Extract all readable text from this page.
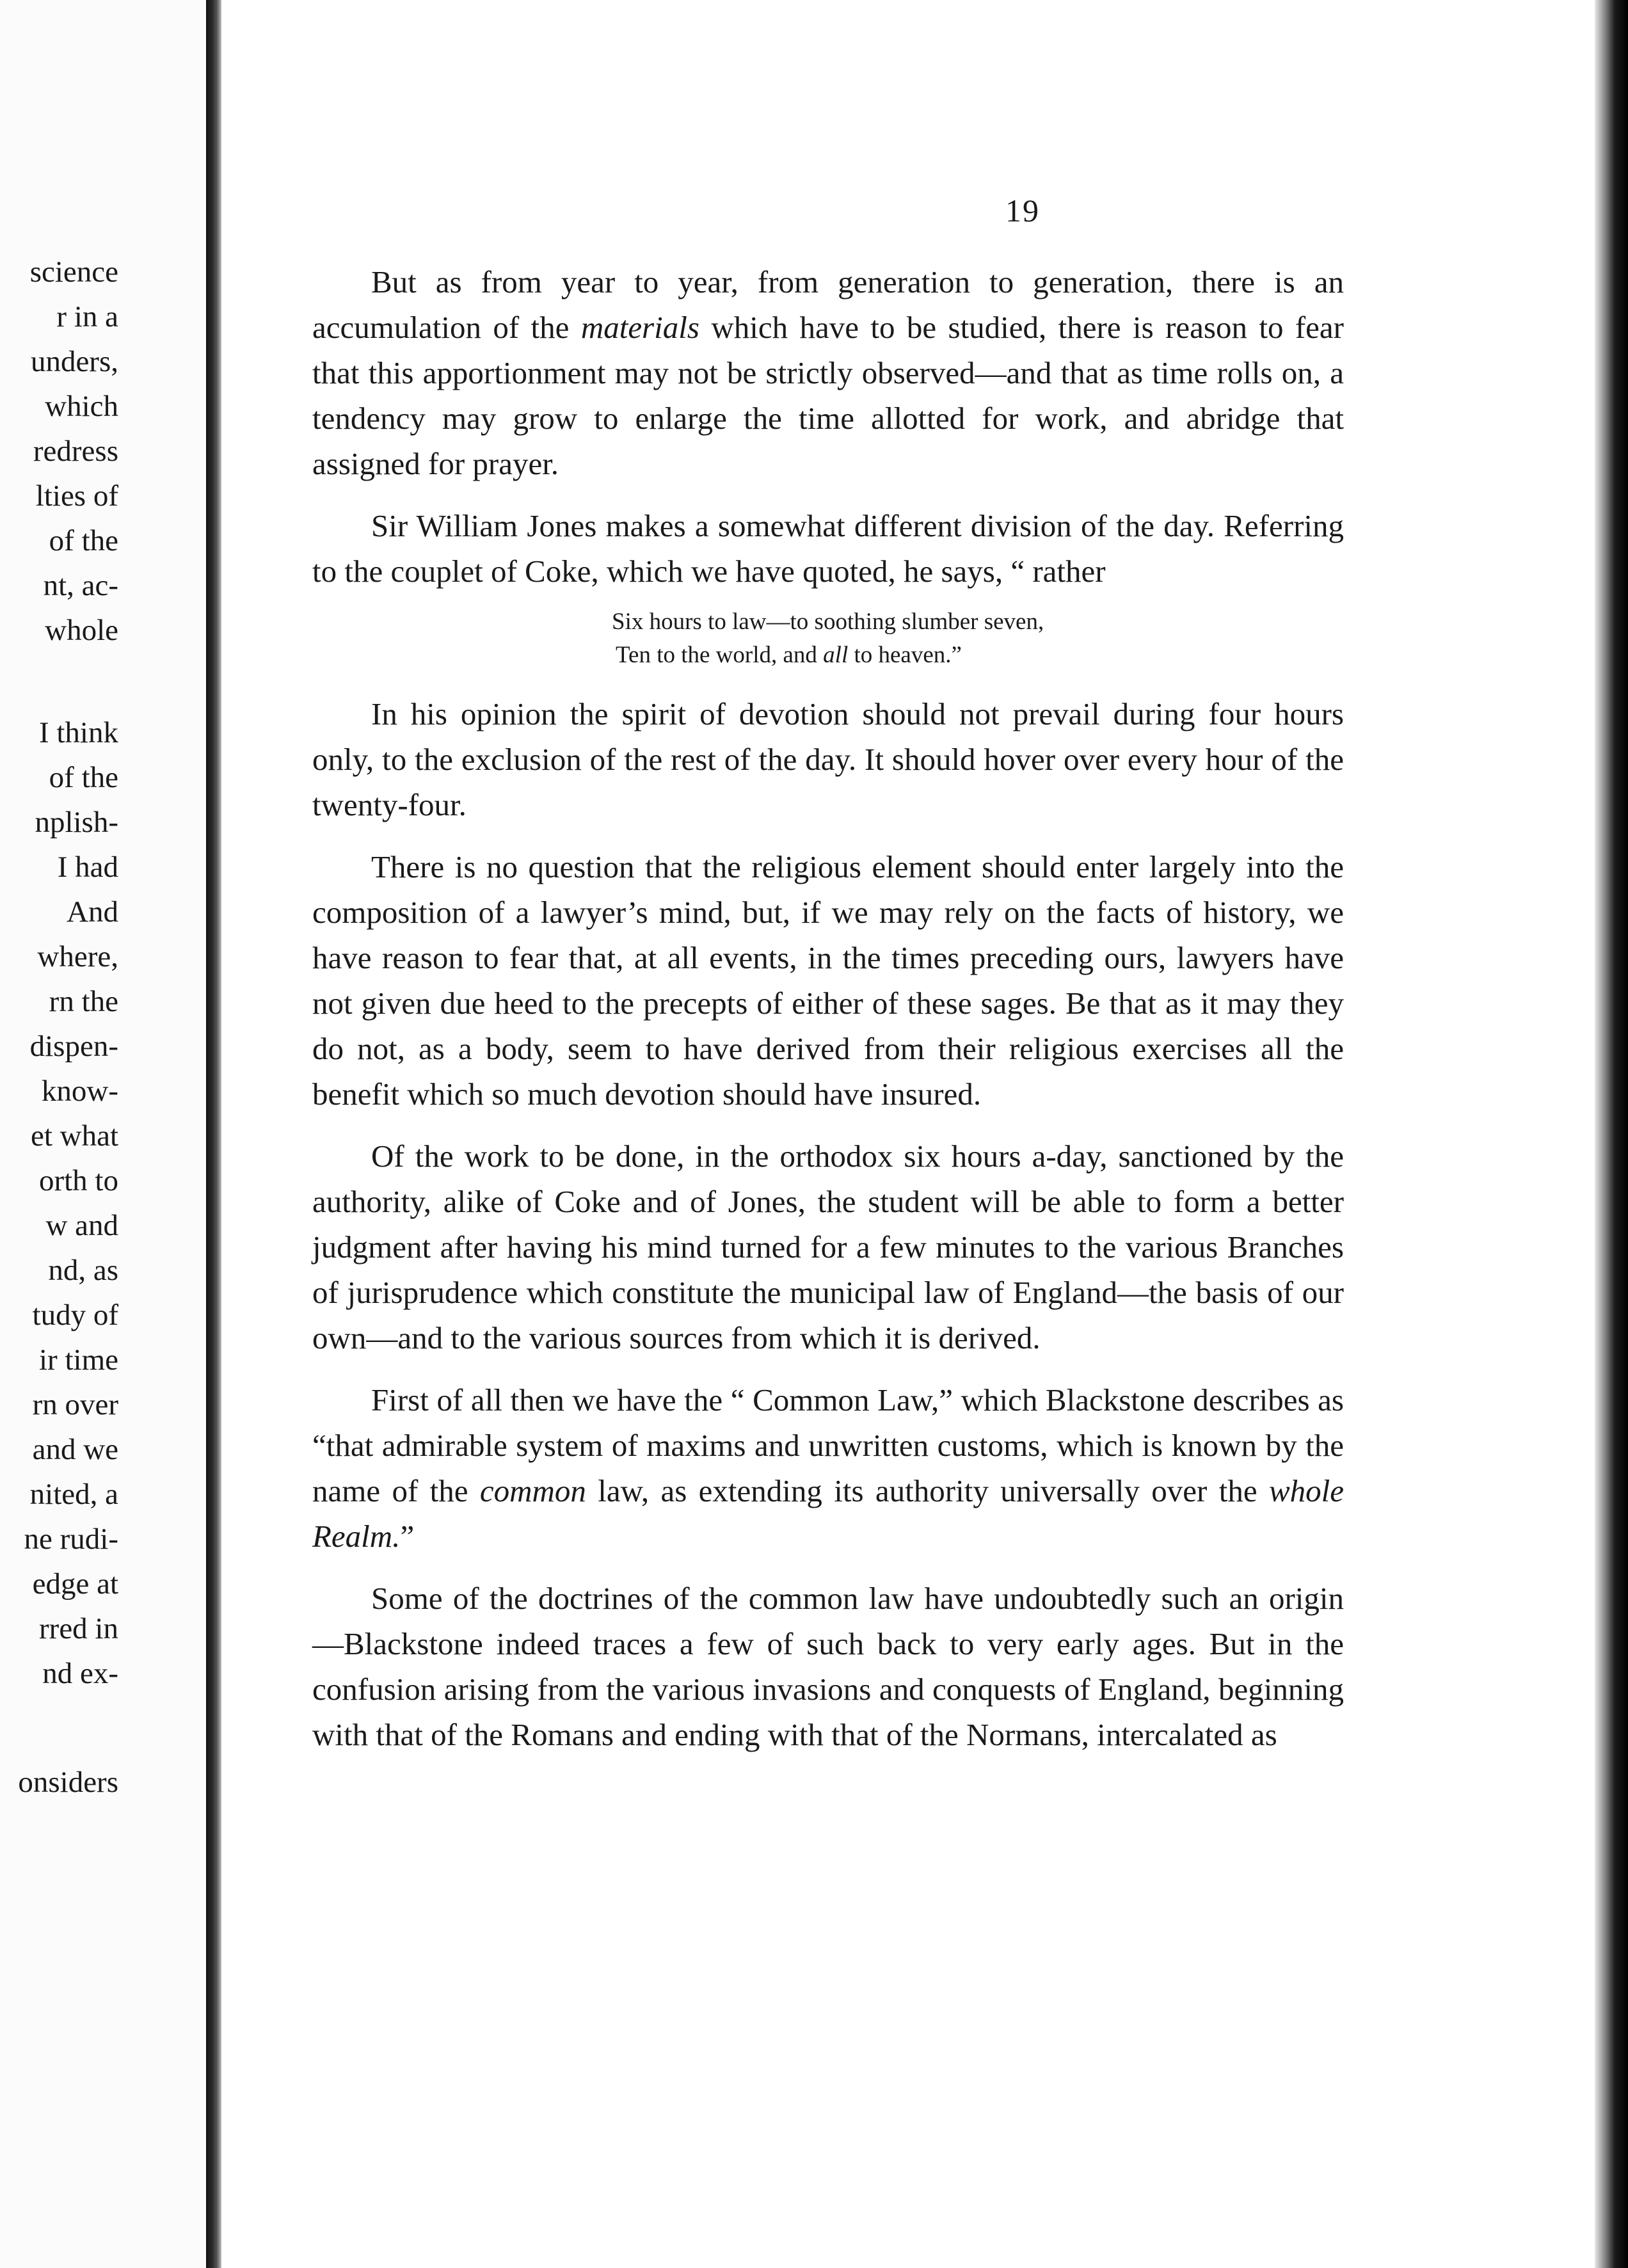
science
r in a
unders,
which
redress
lties of
of the
nt, ac-
whole
I think
of the
nplish-
I had
And
where,
rn the
dispen-
know-
et what
orth to
w and
nd, as
tudy of
ir time
rn over
and we
nited, a
ne rudi-
edge at
rred in
nd ex-
onsiders
19

But as from year to year, from generation to generation, there is an accumulation of the materials which have to be studied, there is reason to fear that this apportionment may not be strictly observed—and that as time rolls on, a tendency may grow to enlarge the time allotted for work, and abridge that assigned for prayer.

Sir William Jones makes a somewhat different division of the day. Referring to the couplet of Coke, which we have quoted, he says, “ rather

Six hours to law—to soothing slumber seven,
Ten to the world, and all to heaven.”

In his opinion the spirit of devotion should not prevail during four hours only, to the exclusion of the rest of the day. It should hover over every hour of the twenty-four.

There is no question that the religious element should enter largely into the composition of a lawyer’s mind, but, if we may rely on the facts of history, we have reason to fear that, at all events, in the times preceding ours, lawyers have not given due heed to the precepts of either of these sages. Be that as it may they do not, as a body, seem to have derived from their religious exercises all the benefit which so much devotion should have insured.

Of the work to be done, in the orthodox six hours a-day, sanctioned by the authority, alike of Coke and of Jones, the student will be able to form a better judgment after having his mind turned for a few minutes to the various Branches of jurisprudence which constitute the municipal law of England—the basis of our own—and to the various sources from which it is derived.

First of all then we have the “ Common Law,” which Blackstone describes as “that admirable system of maxims and unwritten customs, which is known by the name of the common law, as extending its authority universally over the whole Realm.”

Some of the doctrines of the common law have undoubtedly such an origin—Blackstone indeed traces a few of such back to very early ages. But in the confusion arising from the various invasions and conquests of England, beginning with that of the Romans and ending with that of the Normans, intercalated as
